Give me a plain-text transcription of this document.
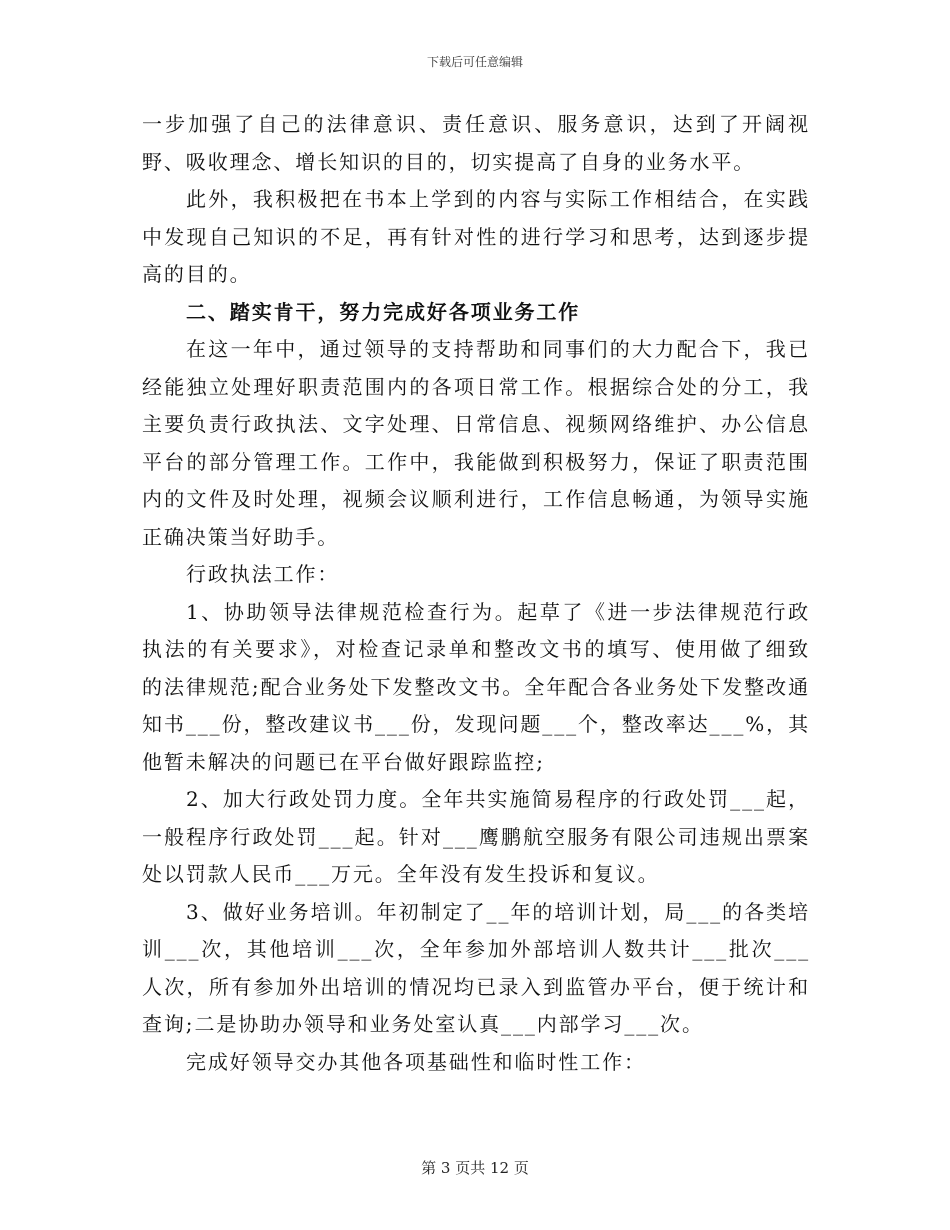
下载后可任意编辑

一步加强了自己的法律意识、责任意识、服务意识，达到了开阔视野、吸收理念、增长知识的目的，切实提高了自身的业务水平。

此外，我积极把在书本上学到的内容与实际工作相结合，在实践中发现自己知识的不足，再有针对性的进行学习和思考，达到逐步提高的目的。

二、踏实肯干，努力完成好各项业务工作

在这一年中，通过领导的支持帮助和同事们的大力配合下，我已经能独立处理好职责范围内的各项日常工作。根据综合处的分工，我主要负责行政执法、文字处理、日常信息、视频网络维护、办公信息平台的部分管理工作。工作中，我能做到积极努力，保证了职责范围内的文件及时处理，视频会议顺利进行，工作信息畅通，为领导实施正确决策当好助手。

行政执法工作：

1、协助领导法律规范检查行为。起草了《进一步法律规范行政执法的有关要求》，对检查记录单和整改文书的填写、使用做了细致的法律规范;配合业务处下发整改文书。全年配合各业务处下发整改通知书___份，整改建议书___份，发现问题___个，整改率达___%，其他暂未解决的问题已在平台做好跟踪监控;

2、加大行政处罚力度。全年共实施简易程序的行政处罚___起，一般程序行政处罚___起。针对___鹰鹏航空服务有限公司违规出票案处以罚款人民币___万元。全年没有发生投诉和复议。

3、做好业务培训。年初制定了__年的培训计划，局___的各类培训___次，其他培训___次，全年参加外部培训人数共计___批次___人次，所有参加外出培训的情况均已录入到监管办平台，便于统计和查询;二是协助办领导和业务处室认真___内部学习___次。

完成好领导交办其他各项基础性和临时性工作：

第 3 页共 12 页
